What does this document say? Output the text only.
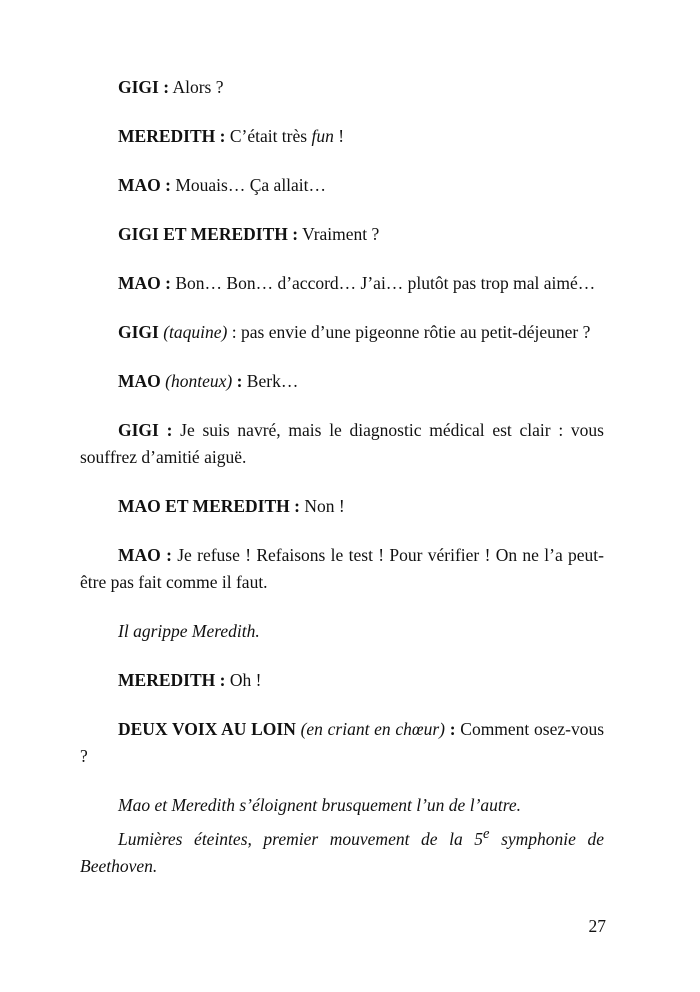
GIGI : Alors ?

MEREDITH : C’était très fun !

MAO : Mouais… Ça allait…

GIGI ET MEREDITH : Vraiment ?

MAO : Bon… Bon… d’accord… J’ai… plutôt pas trop mal aimé…

GIGI (taquine) : pas envie d’une pigeonne rôtie au petit-déjeuner ?

MAO (honteux) : Berk…

GIGI : Je suis navré, mais le diagnostic médical est clair : vous souffrez d’amitié aiguë.

MAO ET MEREDITH : Non !

MAO : Je refuse ! Refaisons le test ! Pour vérifier ! On ne l’a peut-être pas fait comme il faut.

Il agrippe Meredith.

MEREDITH : Oh !

DEUX VOIX AU LOIN (en criant en chœur) : Comment osez-vous ?

Mao et Meredith s’éloignent brusquement l’un de l’autre.

Lumières éteintes, premier mouvement de la 5e symphonie de Beethoven.

27
